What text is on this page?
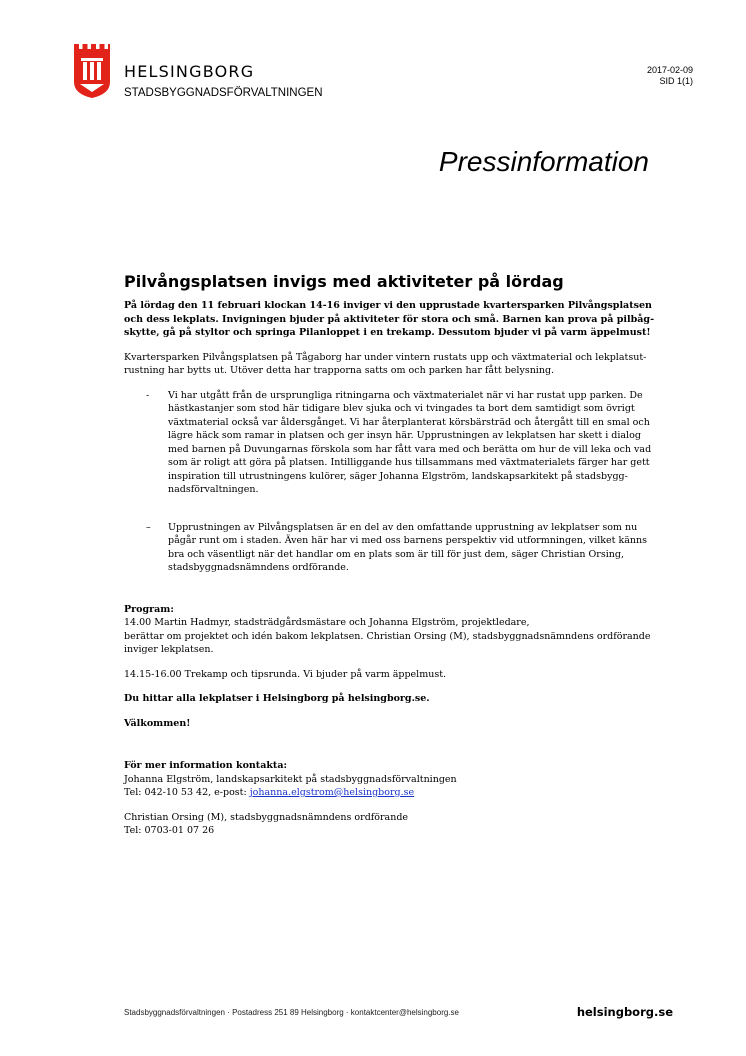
HELSINGBORG
STADSBYGGNADSFÖRVALTNINGEN
2017-02-09
SID 1(1)
Pressinformation
Pilvångsplatsen invigs med aktiviteter på lördag

På lördag den 11 februari klockan 14-16 inviger vi den upprustade kvartersparken Pilvångsplatsen och dess lekplats. Invigningen bjuder på aktiviteter för stora och små. Barnen kan prova på pilbågskytte, gå på styltor och springa Pilanloppet i en trekamp. Dessutom bjuder vi på varm äppelmust!

Kvartersparken Pilvångsplatsen på Tågaborg har under vintern rustats upp och växtmaterial och lekplatsutrustning har bytts ut. Utöver detta har trapporna satts om och parken har fått belysning.

- Vi har utgått från de ursprungliga ritningarna och växtmaterialet när vi har rustat upp parken. De hästkastanjer som stod här tidigare blev sjuka och vi tvingades ta bort dem samtidigt som övrigt växtmaterial också var åldersgånget. Vi har återplanterat körsbärsträd och återgått till en smal och lägre häck som ramar in platsen och ger insyn här. Upprustningen av lekplatsen har skett i dialog med barnen på Duvungarnas förskola som har fått vara med och berätta om hur de vill leka och vad som är roligt att göra på platsen. Intilliggande hus tillsammans med växtmaterialets färger har gett inspiration till utrustningens kulörer, säger Johanna Elgström, landskapsarkitekt på stadsbyggnadsförvaltningen.
– Upprustningen av Pilvångsplatsen är en del av den omfattande upprustning av lekplatser som nu pågår runt om i staden. Även här har vi med oss barnens perspektiv vid utformningen, vilket känns bra och väsentligt när det handlar om en plats som är till för just dem, säger Christian Orsing, stadsbyggnadsnämndens ordförande.
Program:
14.00 Martin Hadmyr, stadsträdgårdsmästare och Johanna Elgström, projektledare,

berättar om projektet och idén bakom lekplatsen. Christian Orsing (M), stadsbyggnadsnämndens ordförande inviger lekplatsen.

14.15-16.00 Trekamp och tipsrunda. Vi bjuder på varm äppelmust.

Du hittar alla lekplatser i Helsingborg på helsingborg.se.

Välkommen!

För mer information kontakta:
Johanna Elgström, landskapsarkitekt på stadsbyggnadsförvaltningen

Tel: 042-10 53 42, e-post: johanna.elgstrom@helsingborg.se

Christian Orsing (M), stadsbyggnadsnämndens ordförande
Tel: 0703-01 07 26
Stadsbyggnadsförvaltningen · Postadress 251 89 Helsingborg · kontaktcenter@helsingborg.se	helsingborg.se
